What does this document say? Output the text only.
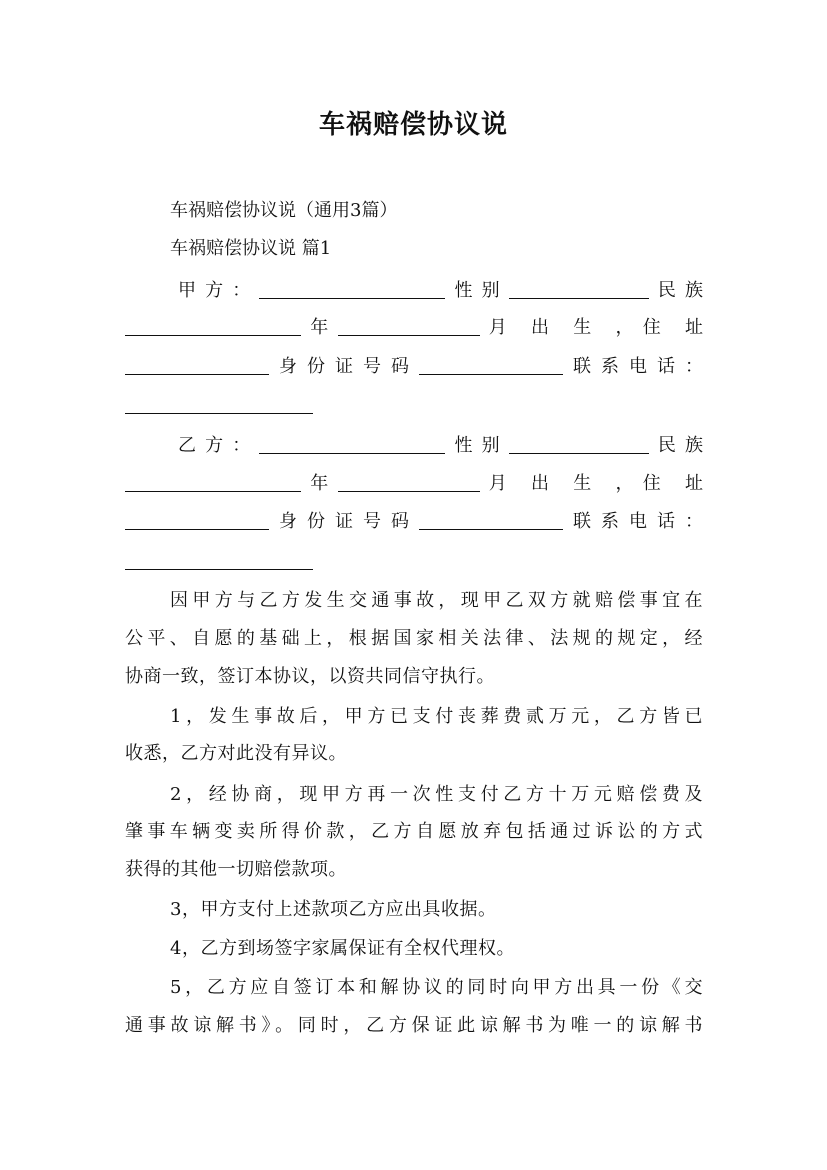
车祸赔偿协议说
车祸赔偿协议说（通用3篇）
车祸赔偿协议说 篇1
甲方：	性别	民族
年	月 出 生 ，住 址
身份证号码	联系电话：
乙方：	性别	民族
年	月 出 生 ，住 址
身份证号码	联系电话：
因甲方与乙方发生交通事故，现甲乙双方就赔偿事宜在
公平、自愿的基础上，根据国家相关法律、法规的规定，经
协商一致，签订本协议，以资共同信守执行。
1，发生事故后，甲方已支付丧葬费贰万元，乙方皆已
收悉，乙方对此没有异议。
2，经协商，现甲方再一次性支付乙方十万元赔偿费及
肇事车辆变卖所得价款，乙方自愿放弃包括通过诉讼的方式
获得的其他一切赔偿款项。
3，甲方支付上述款项乙方应出具收据。
4，乙方到场签字家属保证有全权代理权。
5，乙方应自签订本和解协议的同时向甲方出具一份《交
通事故谅解书》。同时，乙方保证此谅解书为唯一的谅解书
